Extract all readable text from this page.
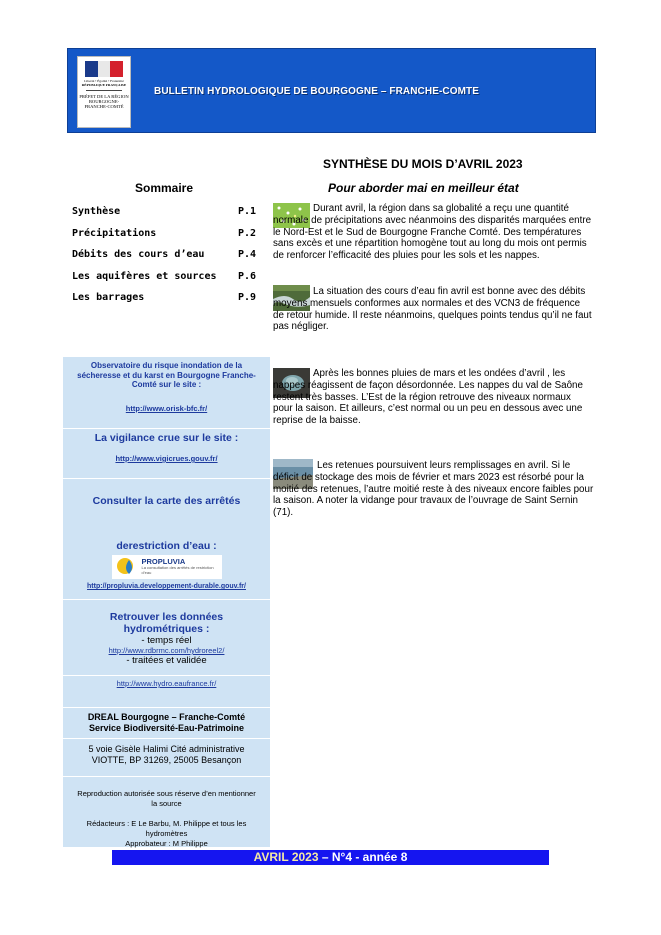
Liberté • Égalité • Fraternité
RÉPUBLIQUE FRANÇAISE
PRÉFET DE LA RÉGION BOURGOGNE-FRANCHE-COMTÉ
BULLETIN HYDROLOGIQUE DE BOURGOGNE – FRANCHE-COMTE
SYNTHÈSE DU MOIS D’AVRIL 2023
Sommaire	Pour aborder mai en meilleur état
Synthèse	P.1
Précipitations	P.2
Débits des cours d’eau	P.4
Les aquifères et sources P.6
Les barrages	P.9
Observatoire du risque inondation de la sécheresse et du karst en Bourgogne Franche-Comté sur le site :
http://www.orisk-bfc.fr/
La vigilance crue sur le site :
http://www.vigicrues.gouv.fr/
Consulter la carte des arrêtés
derestriction d’eau :
PROPLUVIA
La consultation des arrêtés de restriction d’eau
http://propluvia.developpement-durable.gouv.fr/
Retrouver les données hydrométriques :
- temps réel
http://www.rdbrmc.com/hydroreel2/
- traitées et validée
http://www.hydro.eaufrance.fr/
DREAL Bourgogne – Franche-Comté
Service Biodiversité-Eau-Patrimoine
5 voie Gisèle Halimi Cité administrative
VIOTTE, BP 31269, 25005 Besançon
Reproduction autorisée sous réserve d’en mentionner la source
Rédacteurs : E Le Barbu, M. Philippe et tous les hydromètres
Approbateur : M Philippe

Durant avril, la région dans sa globalité a reçu une quantité normale de précipitations avec néanmoins des disparités marquées entre le Nord-Est et le Sud de Bourgogne Franche Comté. Des températures sans excès et une répartition homogène tout au long du mois ont permis de renforcer l’efficacité des pluies pour les sols et les nappes.

La situation des cours d’eau fin avril est bonne avec des débits moyens mensuels conformes aux normales et des VCN3 de fréquence de retour humide. Il reste néanmoins, quelques points tendus qu’il ne faut pas négliger.

Après les bonnes pluies de mars et les ondées d’avril , les nappes réagissent de façon désordonnée. Les nappes du val de Saône restent très basses. L’Est de la région retrouve des niveaux normaux pour la saison. Et ailleurs, c’est normal ou un peu en dessous avec une reprise de la baisse.

Les retenues poursuivent leurs remplissages en avril. Si le déficit de stockage des mois de février et mars 2023 est résorbé pour la moitié des retenues, l’autre moitié reste à des niveaux encore faibles pour la saison. A noter la vidange pour travaux de l’ouvrage de Saint Sernin (71).

AVRIL 2023 – N°4 - année 8
